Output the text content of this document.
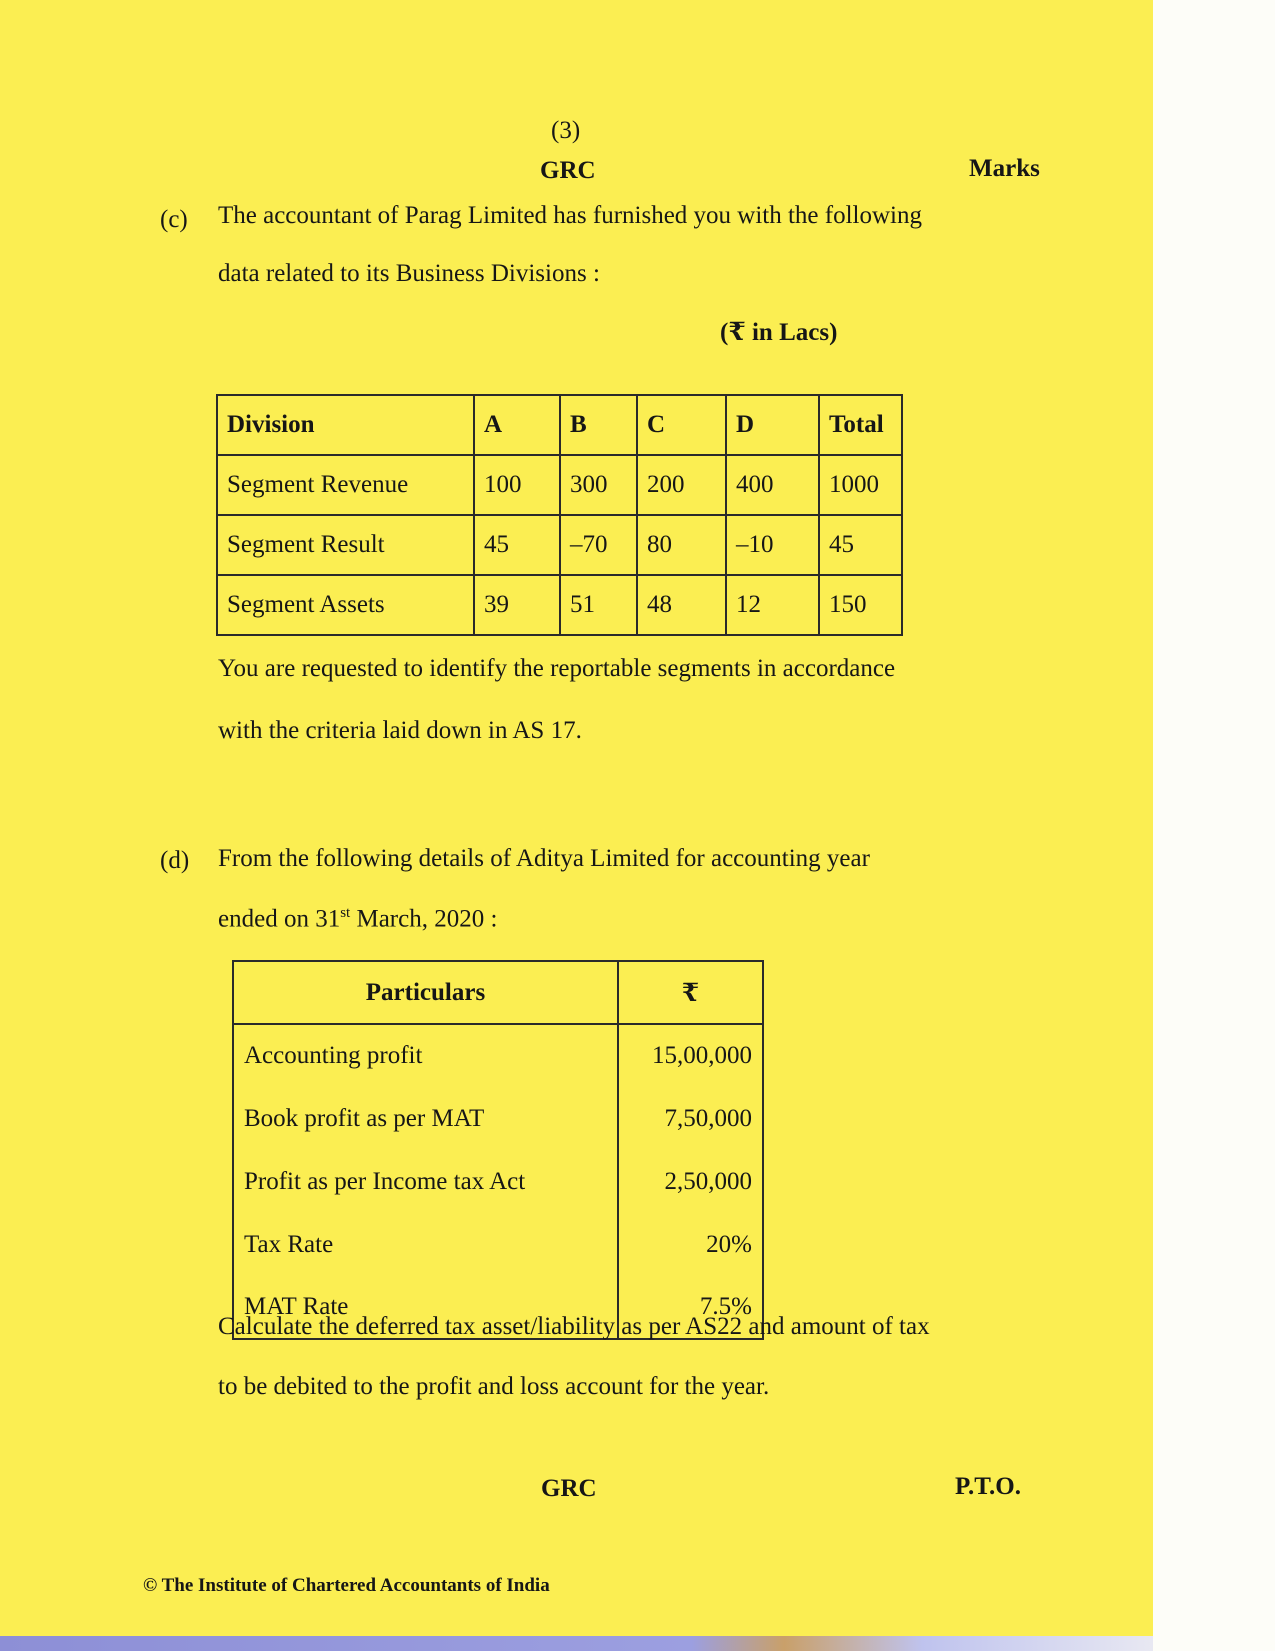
(3)
GRC	Marks
(c) The accountant of Parag Limited has furnished you with the following
data related to its Business Divisions :
(₹ in Lacs)
Division	A	B	C	D	Total
Segment Revenue	100	300	200	400	1000
Segment Result	45	–70	80	–10	45
Segment Assets	39	51	48	12	150
You are requested to identify the reportable segments in accordance
with the criteria laid down in AS 17.
(d) From the following details of Aditya Limited for accounting year
ended on 31st March, 2020 :
Particulars	₹
Accounting profit	15,00,000
Book profit as per MAT	7,50,000
Profit as per Income tax Act	2,50,000
Tax Rate	20%
MAT Rate	7.5%
Calculate the deferred tax asset/liability as per AS22 and amount of tax
to be debited to the profit and loss account for the year.
GRC	P.T.O.
© The Institute of Chartered Accountants of India
